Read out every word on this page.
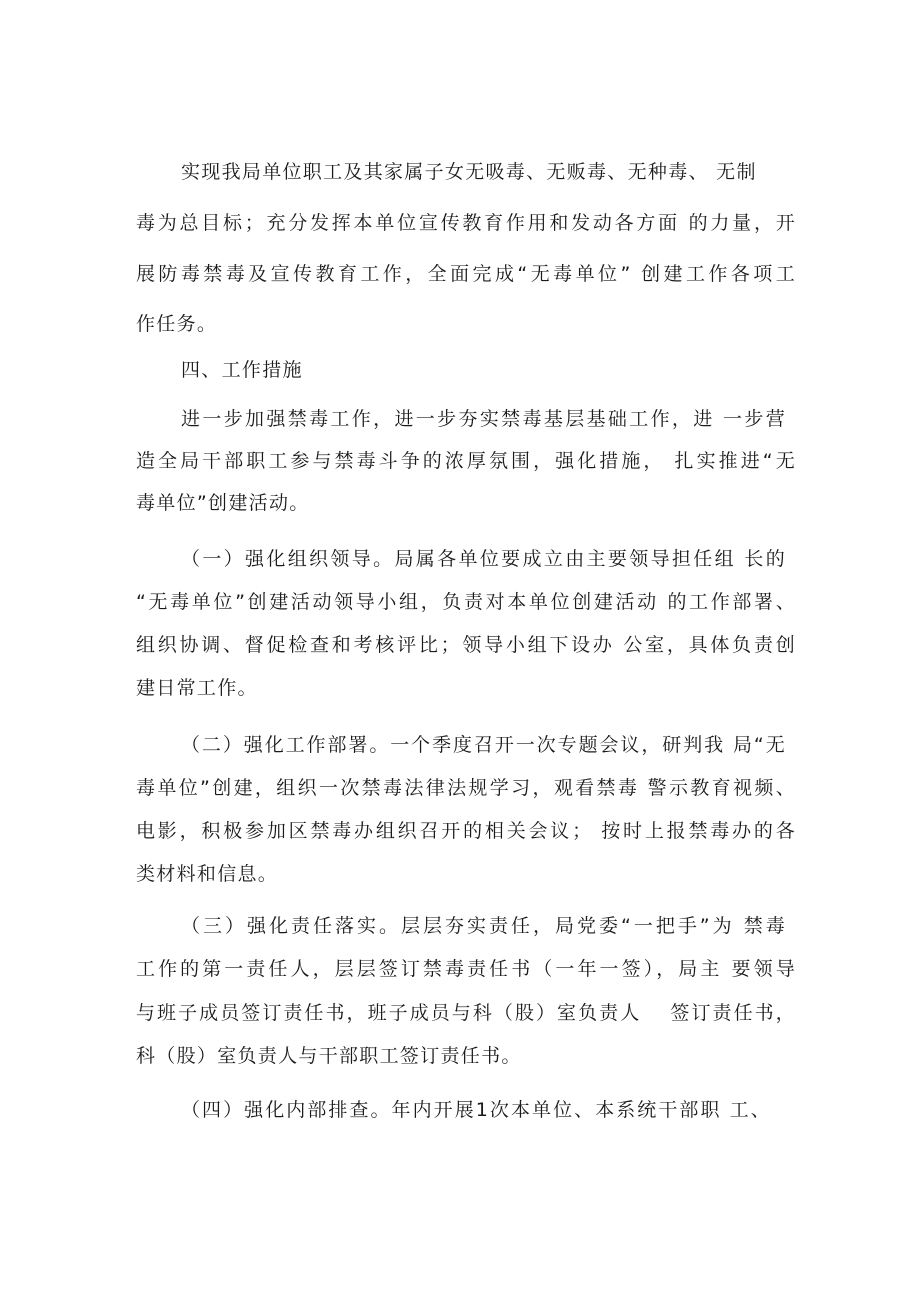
实现我局单位职工及其家属子女无吸毒、无贩毒、无种毒、 无制
毒为总目标；充分发挥本单位宣传教育作用和发动各方面 的力量，开
展防毒禁毒及宣传教育工作，全面完成“无毒单位” 创建工作各项工
作任务。
四、工作措施
进一步加强禁毒工作，进一步夯实禁毒基层基础工作，进 一步营
造全局干部职工参与禁毒斗争的浓厚氛围，强化措施， 扎实推进“无
毒单位”创建活动。
（一）强化组织领导。局属各单位要成立由主要领导担任组 长的
“无毒单位”创建活动领导小组，负责对本单位创建活动 的工作部署、
组织协调、督促检查和考核评比；领导小组下设办 公室，具体负责创
建日常工作。
（二）强化工作部署。一个季度召开一次专题会议，研判我 局“无
毒单位”创建，组织一次禁毒法律法规学习，观看禁毒 警示教育视频、
电影，积极参加区禁毒办组织召开的相关会议； 按时上报禁毒办的各
类材料和信息。
（三）强化责任落实。层层夯实责任，局党委“一把手”为 禁毒
工作的第一责任人，层层签订禁毒责任书（一年一签），局主 要领导
与班子成员签订责任书，班子成员与科（股）室负责人　 签订责任书，
科（股）室负责人与干部职工签订责任书。
（四）强化内部排查。年内开展1次本单位、本系统干部职 工、
